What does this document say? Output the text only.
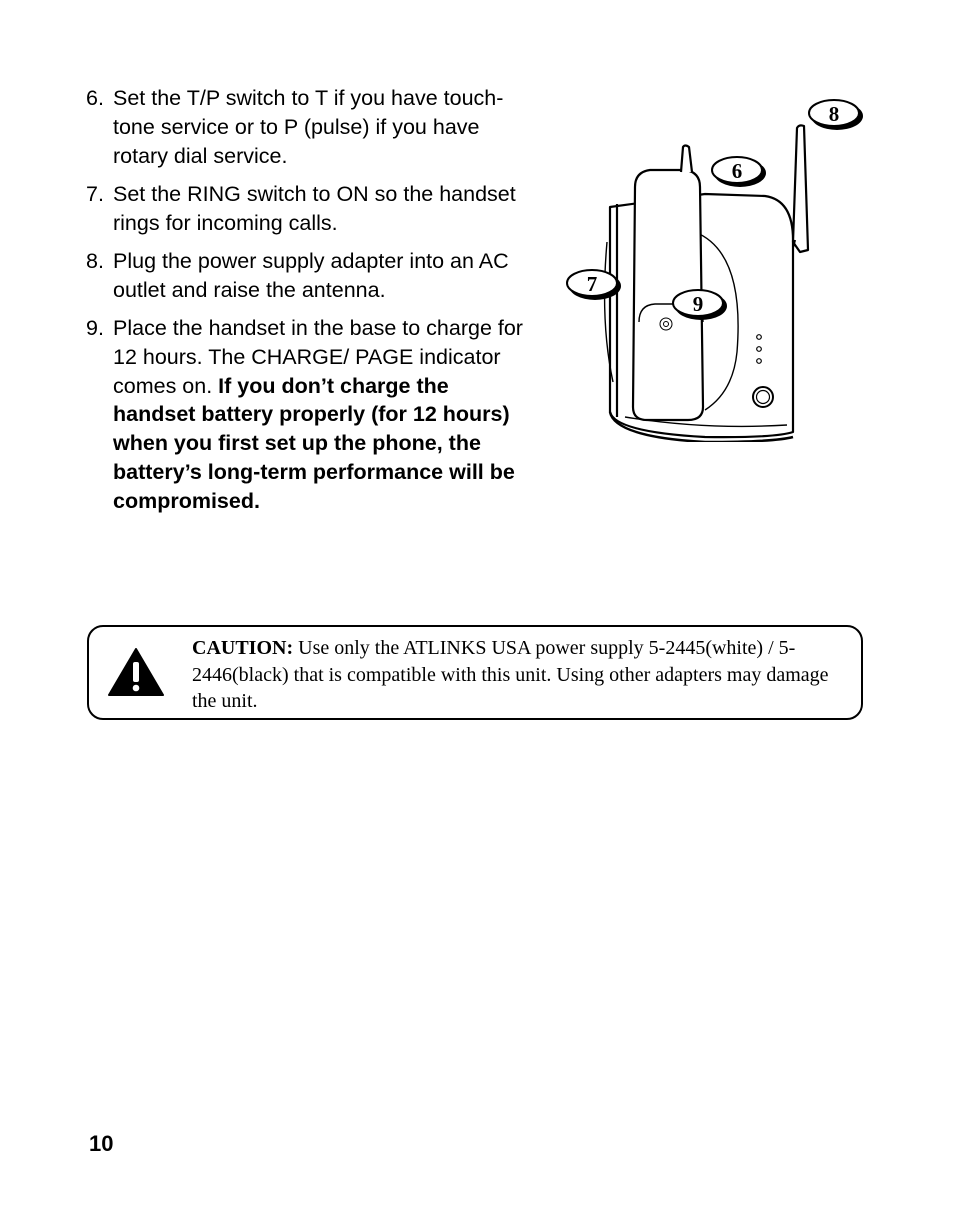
6. Set the T/P switch to T if you have touch-tone service or to P (pulse) if you have rotary dial service.
7. Set the RING switch to ON so the handset rings for incoming calls.
8. Plug the power supply adapter into an AC outlet and raise the antenna.
9. Place the handset in the base to charge for 12 hours. The CHARGE/ PAGE indicator comes on. If you don’t charge the handset battery properly (for 12 hours) when you first set up the phone, the battery’s long-term performance will be compromised.
8
6
7
9
CAUTION: Use only the ATLINKS USA power supply 5-2445(white) / 5-2446(black) that is compatible with this unit. Using other adapters may damage the unit.
10
